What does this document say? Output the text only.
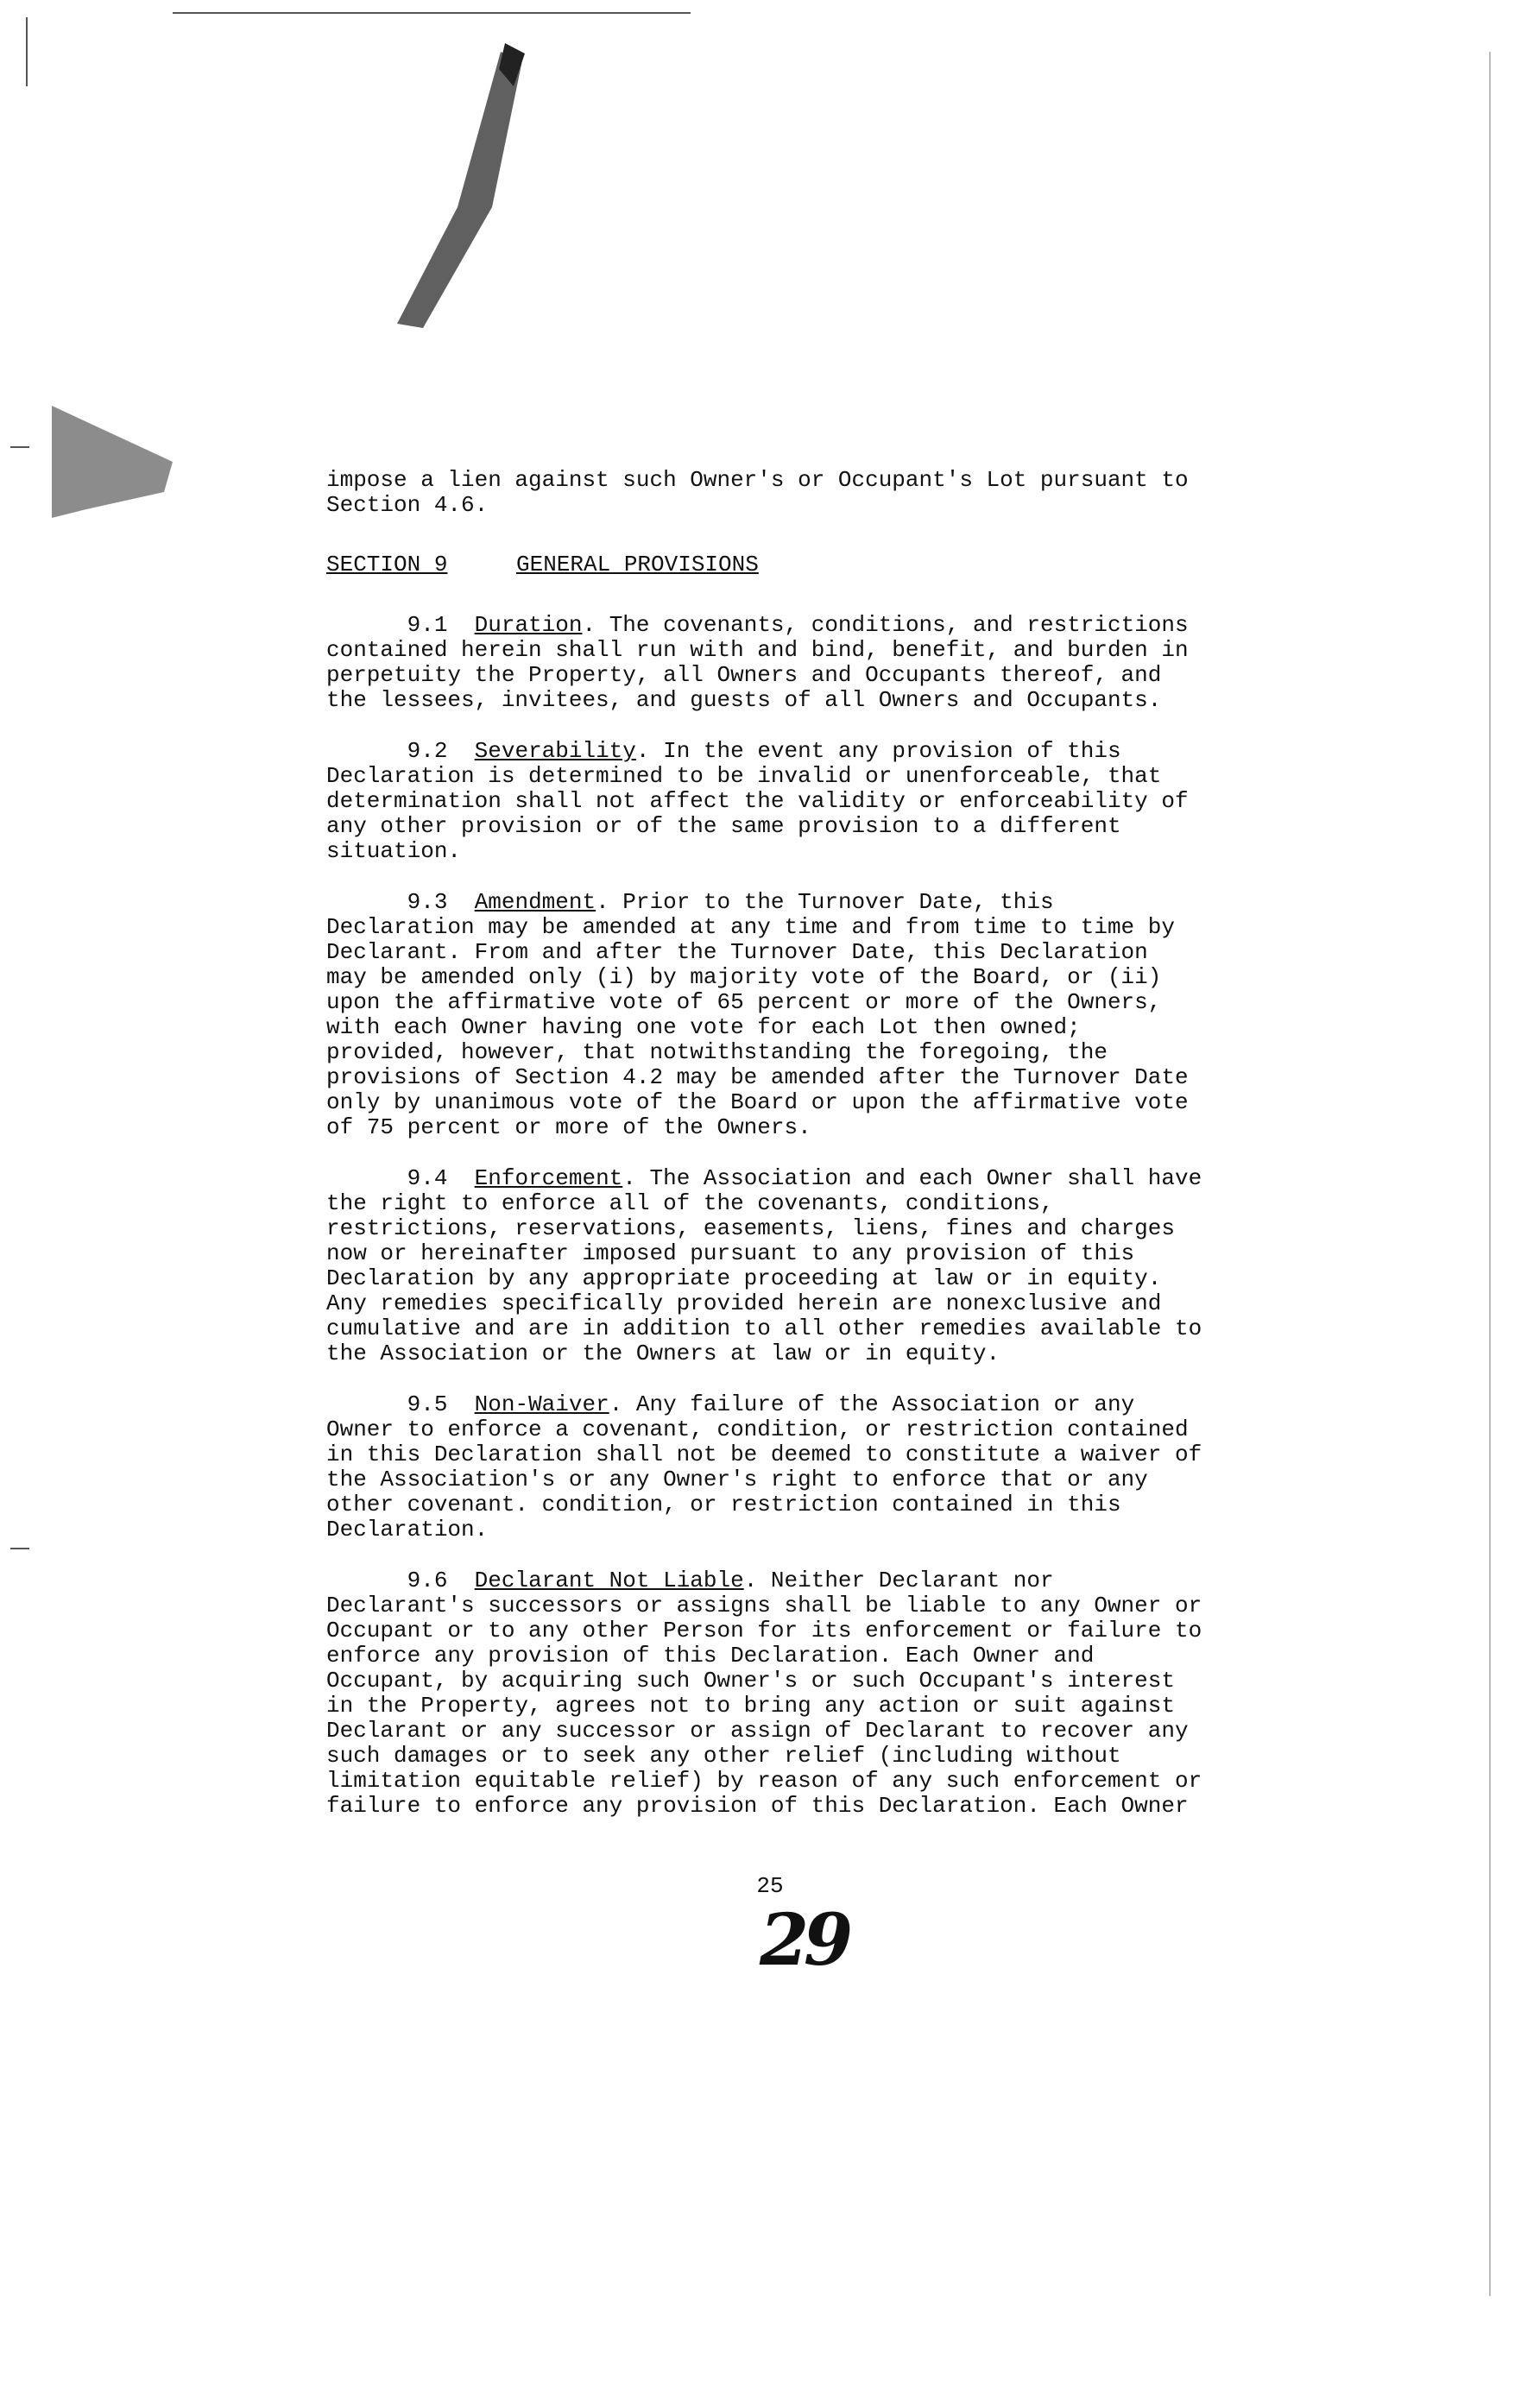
impose a lien against such Owner's or Occupant's Lot pursuant to
Section 4.6.

SECTION 9	GENERAL PROVISIONS
9.1 Duration. The covenants, conditions, and restrictions
contained herein shall run with and bind, benefit, and burden in
perpetuity the Property, all Owners and Occupants thereof, and
the lessees, invitees, and guests of all Owners and Occupants.
9.2 Severability. In the event any provision of this
Declaration is determined to be invalid or unenforceable, that
determination shall not affect the validity or enforceability of
any other provision or of the same provision to a different
situation.
9.3 Amendment. Prior to the Turnover Date, this
Declaration may be amended at any time and from time to time by
Declarant. From and after the Turnover Date, this Declaration
may be amended only (i) by majority vote of the Board, or (ii)
upon the affirmative vote of 65 percent or more of the Owners,
with each Owner having one vote for each Lot then owned;
provided, however, that notwithstanding the foregoing, the
provisions of Section 4.2 may be amended after the Turnover Date
only by unanimous vote of the Board or upon the affirmative vote
of 75 percent or more of the Owners.
9.4 Enforcement. The Association and each Owner shall have
the right to enforce all of the covenants, conditions,
restrictions, reservations, easements, liens, fines and charges
now or hereinafter imposed pursuant to any provision of this
Declaration by any appropriate proceeding at law or in equity.
Any remedies specifically provided herein are nonexclusive and
cumulative and are in addition to all other remedies available to
the Association or the Owners at law or in equity.
9.5 Non-Waiver. Any failure of the Association or any
Owner to enforce a covenant, condition, or restriction contained
in this Declaration shall not be deemed to constitute a waiver of
the Association's or any Owner's right to enforce that or any
other covenant. condition, or restriction contained in this
Declaration.
9.6 Declarant Not Liable. Neither Declarant nor
Declarant's successors or assigns shall be liable to any Owner or
Occupant or to any other Person for its enforcement or failure to
enforce any provision of this Declaration. Each Owner and
Occupant, by acquiring such Owner's or such Occupant's interest
in the Property, agrees not to bring any action or suit against
Declarant or any successor or assign of Declarant to recover any
such damages or to seek any other relief (including without
limitation equitable relief) by reason of any such enforcement or
failure to enforce any provision of this Declaration. Each Owner
25
29
